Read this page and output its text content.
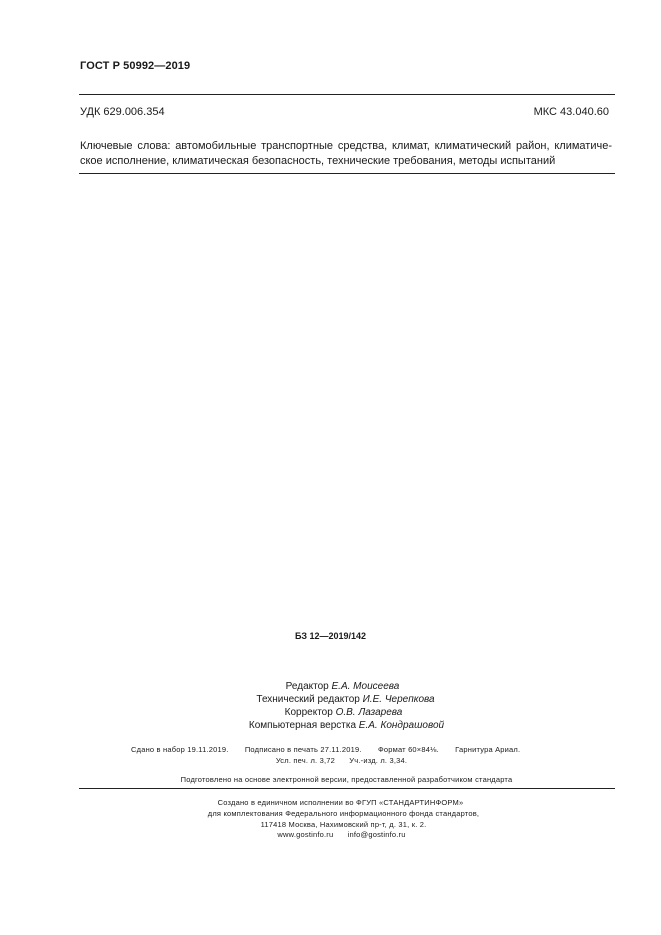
ГОСТ Р 50992—2019
УДК 629.006.354	МКС 43.040.60
Ключевые слова: автомобильные транспортные средства, климат, климатический район, климатиче-
ское исполнение, климатическая безопасность, технические требования, методы испытаний
БЗ 12—2019/142
Редактор Е.А. Моисеева
Технический редактор И.Е. Черепкова
Корректор О.В. Лазарева
Компьютерная верстка Е.А. Кондрашовой
Сдано в набор 19.11.2019. Подписано в печать 27.11.2019. Формат 60×84⅛. Гарнитура Ариал.
Усл. печ. л. 3,72 Уч.-изд. л. 3,34.
Подготовлено на основе электронной версии, предоставленной разработчиком стандарта
Создано в единичном исполнении во ФГУП «СТАНДАРТИНФОРМ»
для комплектования Федерального информационного фонда стандартов,
117418 Москва, Нахимовский пр-т, д. 31, к. 2.
www.gostinfo.ru info@gostinfo.ru
